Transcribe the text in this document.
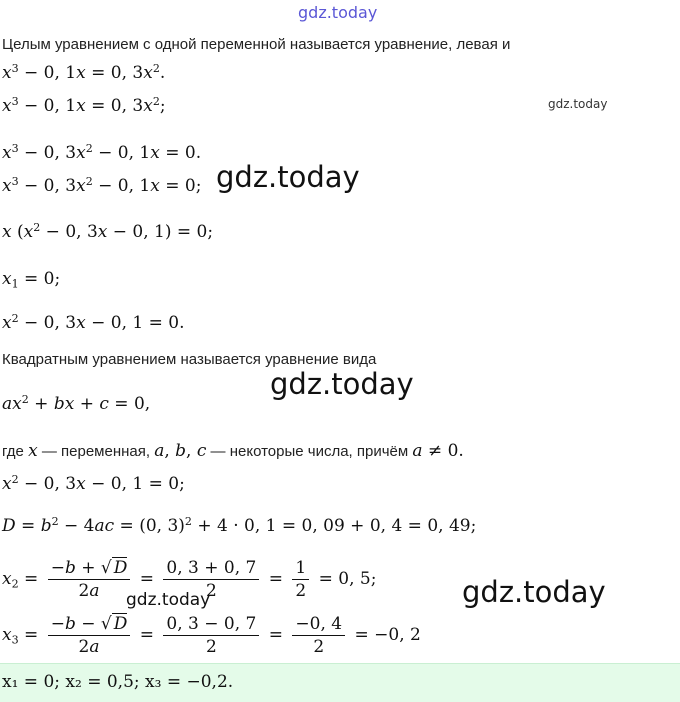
gdz.today
gdz.today
gdz.today
gdz.today
gdz.today
Целым уравнением с одной переменной называется уравнение, левая и
$x^3 - 0$, 1x = 0, $3x^2$.
$x^3 - 0$, 1x = 0, $3x^2$;
$x^3 - 0$, $3x^2 - 0$, 1x = 0.
$x^3 - 0$, $3x^2 - 0$, 1x = 0;
x ($x^2 - 0$, 3x − 0, 1) = 0;
$x_1 = 0$;
$x^2 - 0$, 3x − 0, 1 = 0.
Квадратным уравнением называется уравнение вида
$ax^2$ + bx + c = 0,
где x — переменная, a, b, c — некоторые числа, причём a ≠ 0.
$x^2 - 0$, 3x − 0, 1 = 0;
$D = b^2 - 4ac = (0$, 3)$^2$ + 4 · 0, 1 = 0, 09 + 0, 4 = 0, 49;
$x_2 = \frac{-b + √ D}{2a} = \frac{0, 3 + 0, 7}{2} = \frac{1}{2} = 0$, 5;
gdz.today
$x_3 = \frac{-b - √ D}{2a} = \frac{0, 3 - 0, 7}{2} = \frac{-0, 4}{2} = -0$, 2
x₁ = 0; x₂ = 0,5; x₃ = −0,2.
